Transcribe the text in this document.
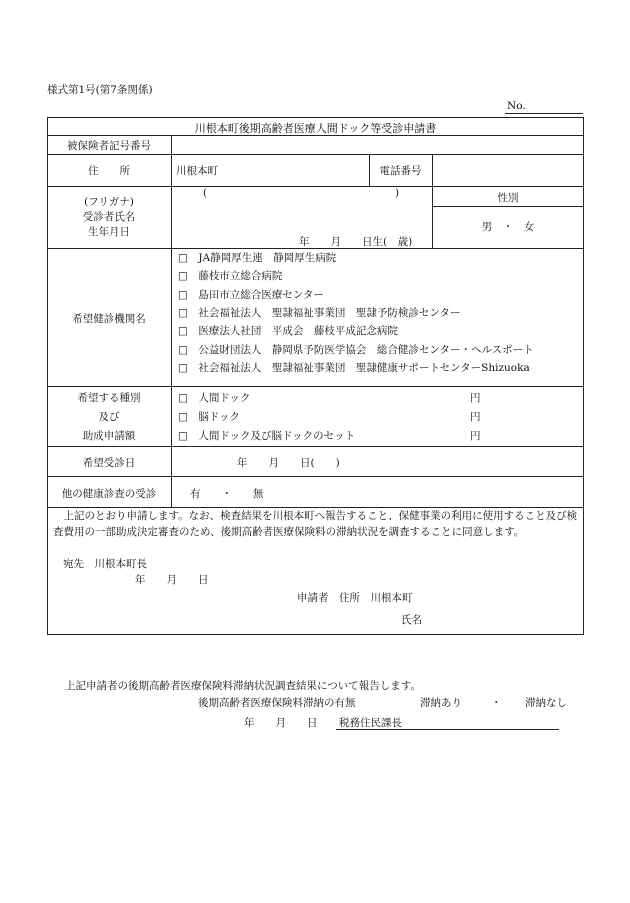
様式第1号(第7条関係)
No.
川根本町後期高齢者医療人間ドック等受診申請書
被保険者記号番号
住　　所	川根本町	電話番号
(フリガナ)
受診者氏名
生年月日
(	)
年　　月　　日生(　歳)
性別
男　・　女
希望健診機関名
□　JA静岡厚生連　静岡厚生病院
□　藤枝市立総合病院
□　島田市立総合医療センター
□　社会福祉法人　聖隷福祉事業団　聖隷予防検診センター
□　医療法人社団　平成会　藤枝平成記念病院
□　公益財団法人　静岡県予防医学協会　総合健診センター・ヘルスポート
□　社会福祉法人　聖隷福祉事業団　聖隷健康サポートセンターShizuoka
希望する種別
及び
助成申請額
□　人間ドック	円
□　脳ドック	円
□　人間ドック及び脳ドックのセット	円
希望受診日	年　　月　　日(　　)
他の健康診査の受診	有　　・　　無
　上記のとおり申請します。なお、検査結果を川根本町へ報告すること、保健事業の利用に使用すること及び検査費用の一部助成決定審査のため、後期高齢者医療保険料の滞納状況を調査することに同意します。
宛先　川根本町長
年　　月　　日
申請者　住所　川根本町
氏名
上記申請者の後期高齢者医療保険料滞納状況調査結果について報告します。
後期高齢者医療保険料滞納の有無	滞納あり	・ 滞納なし
年　　月　　日 税務住民課長
